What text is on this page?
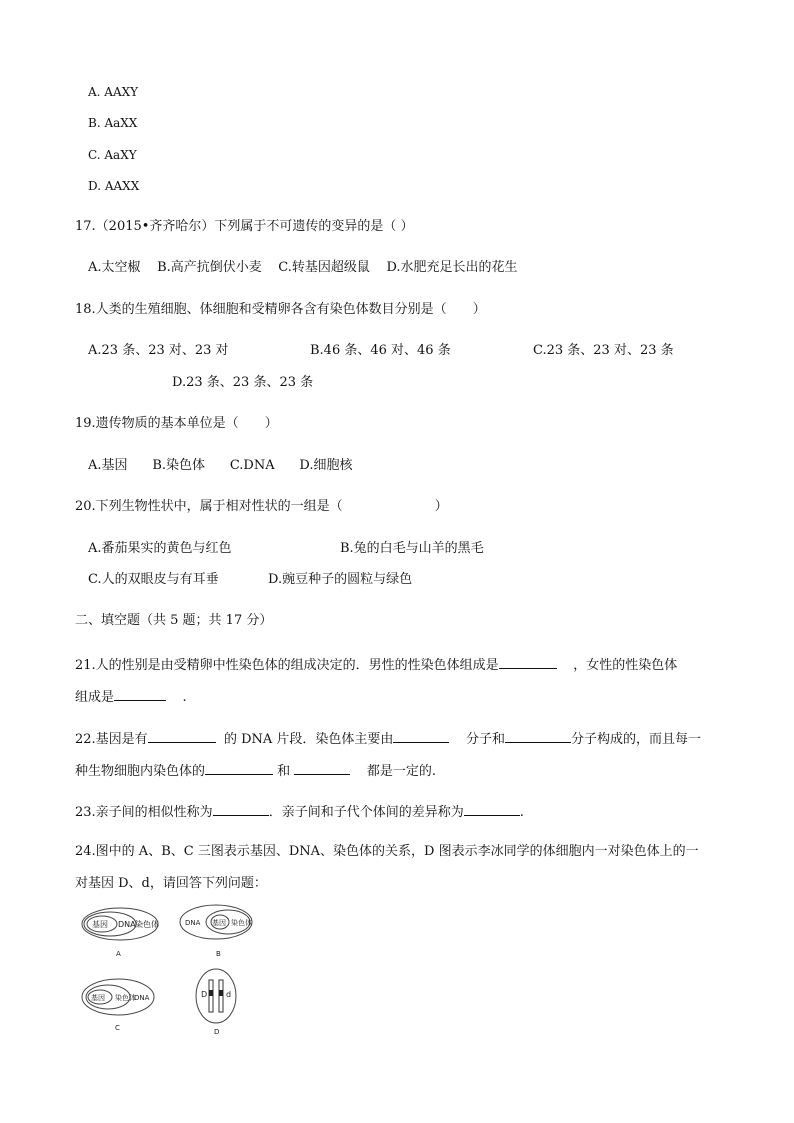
A. AAXY
B. AaXX
C. AaXY
D. AAXX
17.（2015•齐齐哈尔）下列属于不可遗传的变异的是（ ）
A.太空椒 B.高产抗倒伏小麦 C.转基因超级鼠 D.水肥充足长出的花生
18.人类的生殖细胞、体细胞和受精卵各含有染色体数目分别是（ ）
A.23 条、23 对、23 对	B.46 条、46 对、46 条	C.23 条、23 对、23 条
D.23 条、23 条、23 条
19.遗传物质的基本单位是（ ）
A.基因 B.染色体 C.DNA D.细胞核
20.下列生物性状中，属于相对性状的一组是（	）
A.番茄果实的黄色与红色	B.兔的白毛与山羊的黑毛
C.人的双眼皮与有耳垂	D.豌豆种子的圆粒与绿色
二、填空题（共 5 题；共 17 分）
21.人的性别是由受精卵中性染色体的组成决定的．男性的性染色体组成是	，女性的性染色体
组成是	.
22.基因是有	的 DNA 片段．染色体主要由	分子和	分子构成的，而且每一
种生物细胞内染色体的	和	都是一定的.
23.亲子间的相似性称为	．亲子间和子代个体间的差异称为	.
24.图中的 A、B、C 三图表示基因、DNA、染色体的关系，D 图表示李冰同学的体细胞内一对染色体上的一
对基因 D、d，请回答下列问题：
基因 DNA 染色体
A
DNA 基因 染色体
B
基因 染色体
DNA
C
D d
D
